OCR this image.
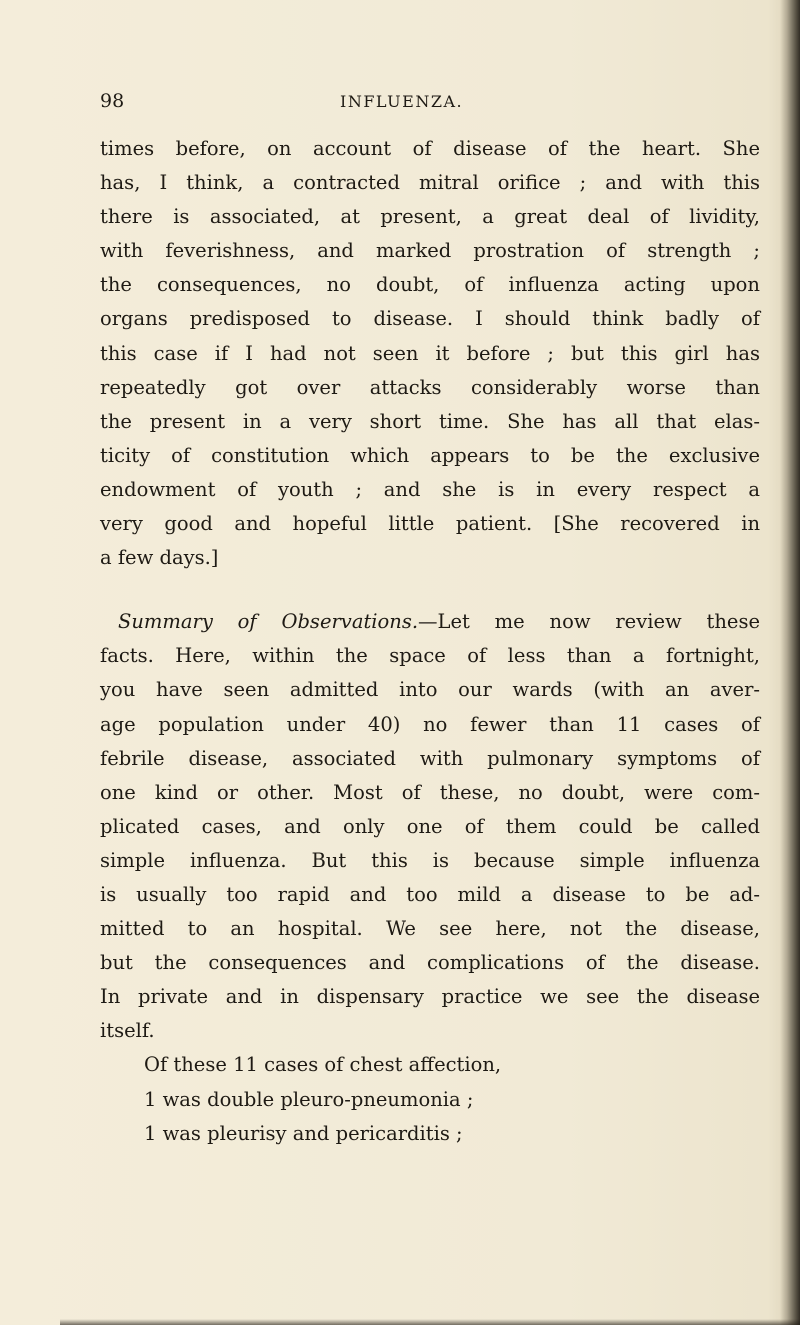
98	INFLUENZA.
times before, on account of disease of the heart. She
has, I think, a contracted mitral orifice ; and with this
there is associated, at present, a great deal of lividity,
with feverishness, and marked prostration of strength ;
the consequences, no doubt, of influenza acting upon
organs predisposed to disease. I should think badly of
this case if I had not seen it before ; but this girl has
repeatedly got over attacks considerably worse than
the present in a very short time. She has all that elas-
ticity of constitution which appears to be the exclusive
endowment of youth ; and she is in every respect a
very good and hopeful little patient. [She recovered in
a few days.]
Summary of Observations.—Let me now review these
facts. Here, within the space of less than a fortnight,
you have seen admitted into our wards (with an aver-
age population under 40) no fewer than 11 cases of
febrile disease, associated with pulmonary symptoms of
one kind or other. Most of these, no doubt, were com-
plicated cases, and only one of them could be called
simple influenza. But this is because simple influenza
is usually too rapid and too mild a disease to be ad-
mitted to an hospital. We see here, not the disease,
but the consequences and complications of the disease.
In private and in dispensary practice we see the disease
itself.
Of these 11 cases of chest affection,
1 was double pleuro-pneumonia ;
1 was pleurisy and pericarditis ;
